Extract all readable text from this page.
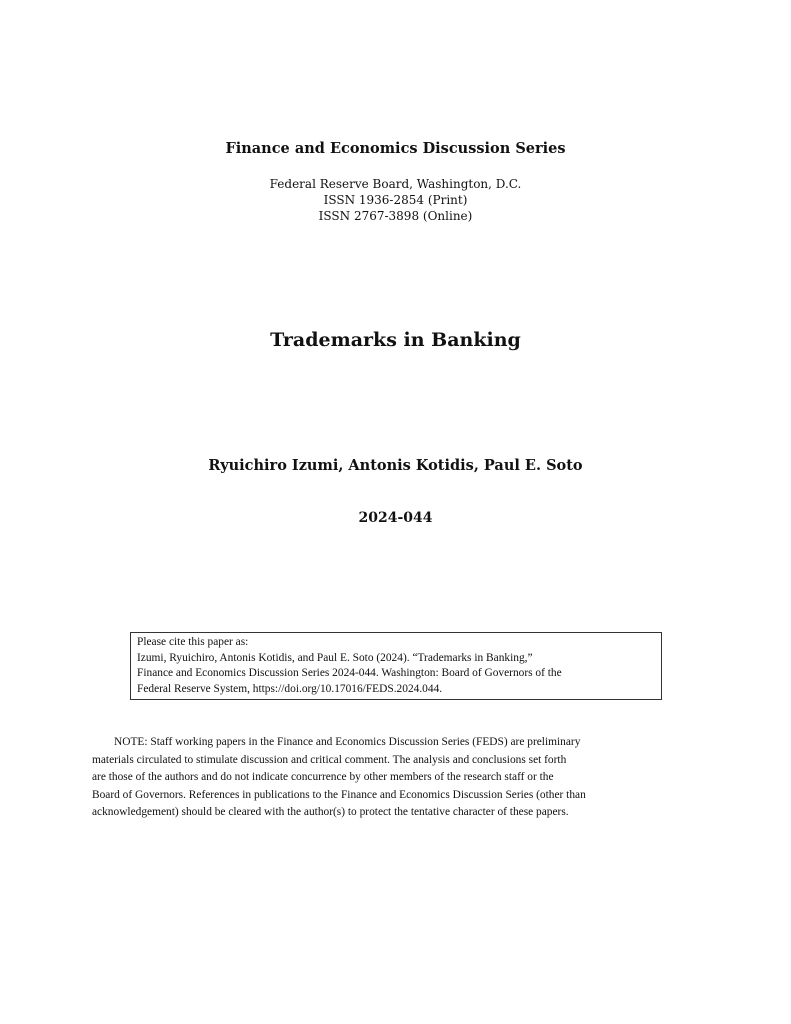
Finance and Economics Discussion Series
Federal Reserve Board, Washington, D.C.
ISSN 1936-2854 (Print)
ISSN 2767-3898 (Online)
Trademarks in Banking
Ryuichiro Izumi, Antonis Kotidis, Paul E. Soto
2024-044
Please cite this paper as:
Izumi, Ryuichiro, Antonis Kotidis, and Paul E. Soto (2024). “Trademarks in Banking,”
Finance and Economics Discussion Series 2024-044. Washington: Board of Governors of the
Federal Reserve System, https://doi.org/10.17016/FEDS.2024.044.
NOTE: Staff working papers in the Finance and Economics Discussion Series (FEDS) are preliminary
materials circulated to stimulate discussion and critical comment. The analysis and conclusions set forth
are those of the authors and do not indicate concurrence by other members of the research staff or the
Board of Governors. References in publications to the Finance and Economics Discussion Series (other than
acknowledgement) should be cleared with the author(s) to protect the tentative character of these papers.
